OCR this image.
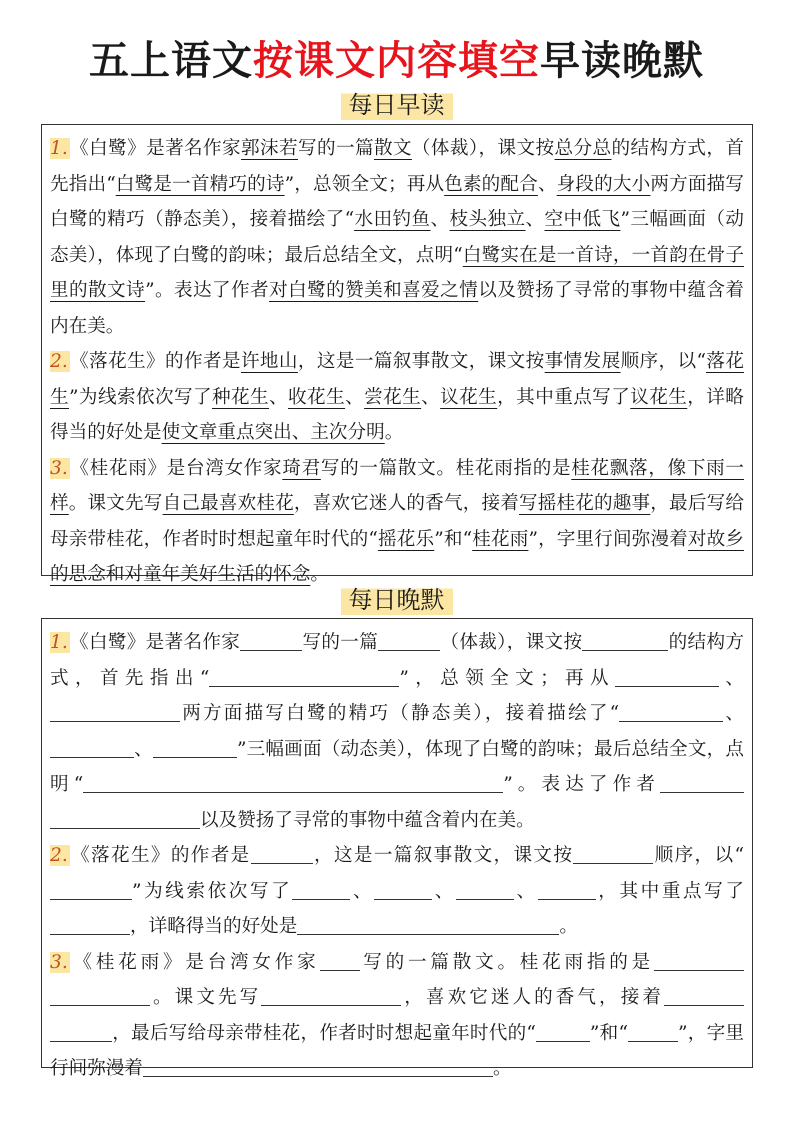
五上语文按课文内容填空早读晚默
每日早读
1. 《白鹭》是著名作家郭沫若写的一篇散文（体裁），课文按总分总的结构方式，首先指出“白鹭是一首精巧的诗”，总领全文；再从色素的配合、身段的大小两方面描写白鹭的精巧（静态美），接着描绘了“水田钓鱼、枝头独立、空中低飞”三幅画面（动态美），体现了白鹭的韵味；最后总结全文，点明“白鹭实在是一首诗，一首韵在骨子里的散文诗”。表达了作者对白鹭的赞美和喜爱之情以及赞扬了寻常的事物中蕴含着内在美。
2. 《落花生》的作者是许地山，这是一篇叙事散文，课文按事情发展顺序，以“落花生”为线索依次写了种花生、收花生、尝花生、议花生，其中重点写了议花生，详略得当的好处是使文章重点突出、主次分明。
3. 《桂花雨》是台湾女作家琦君写的一篇散文。桂花雨指的是桂花飘落，像下雨一样。课文先写自己最喜欢桂花，喜欢它迷人的香气，接着写摇桂花的趣事，最后写给母亲带桂花，作者时时想起童年时代的“摇花乐”和“桂花雨”，字里行间弥漫着对故乡的思念和对童年美好生活的怀念。
每日晚默
1. 《白鹭》是著名作家	写的一篇	（体裁），课文按	的结构方式，首先指出“	”，总领全文；再从	、两方面描写白鹭的精巧（静态美），接着描绘了“	、、	”三幅画面（动态美），体现了白鹭的韵味；最后总结全文，点明“	”。表达了作者以及赞扬了寻常的事物中蕴含着内在美。
2. 《落花生》的作者是	，这是一篇叙事散文，课文按	顺序，以“”为线索依次写了	、	、	、	，其中重点写了，详略得当的好处是	。
3. 《桂花雨》是台湾女作家 写的一篇散文。桂花雨指的是。课文先写	，喜欢它迷人的香气，接着，最后写给母亲带桂花，作者时时想起童年时代的“	”和“	”，字里行间弥漫着	。
